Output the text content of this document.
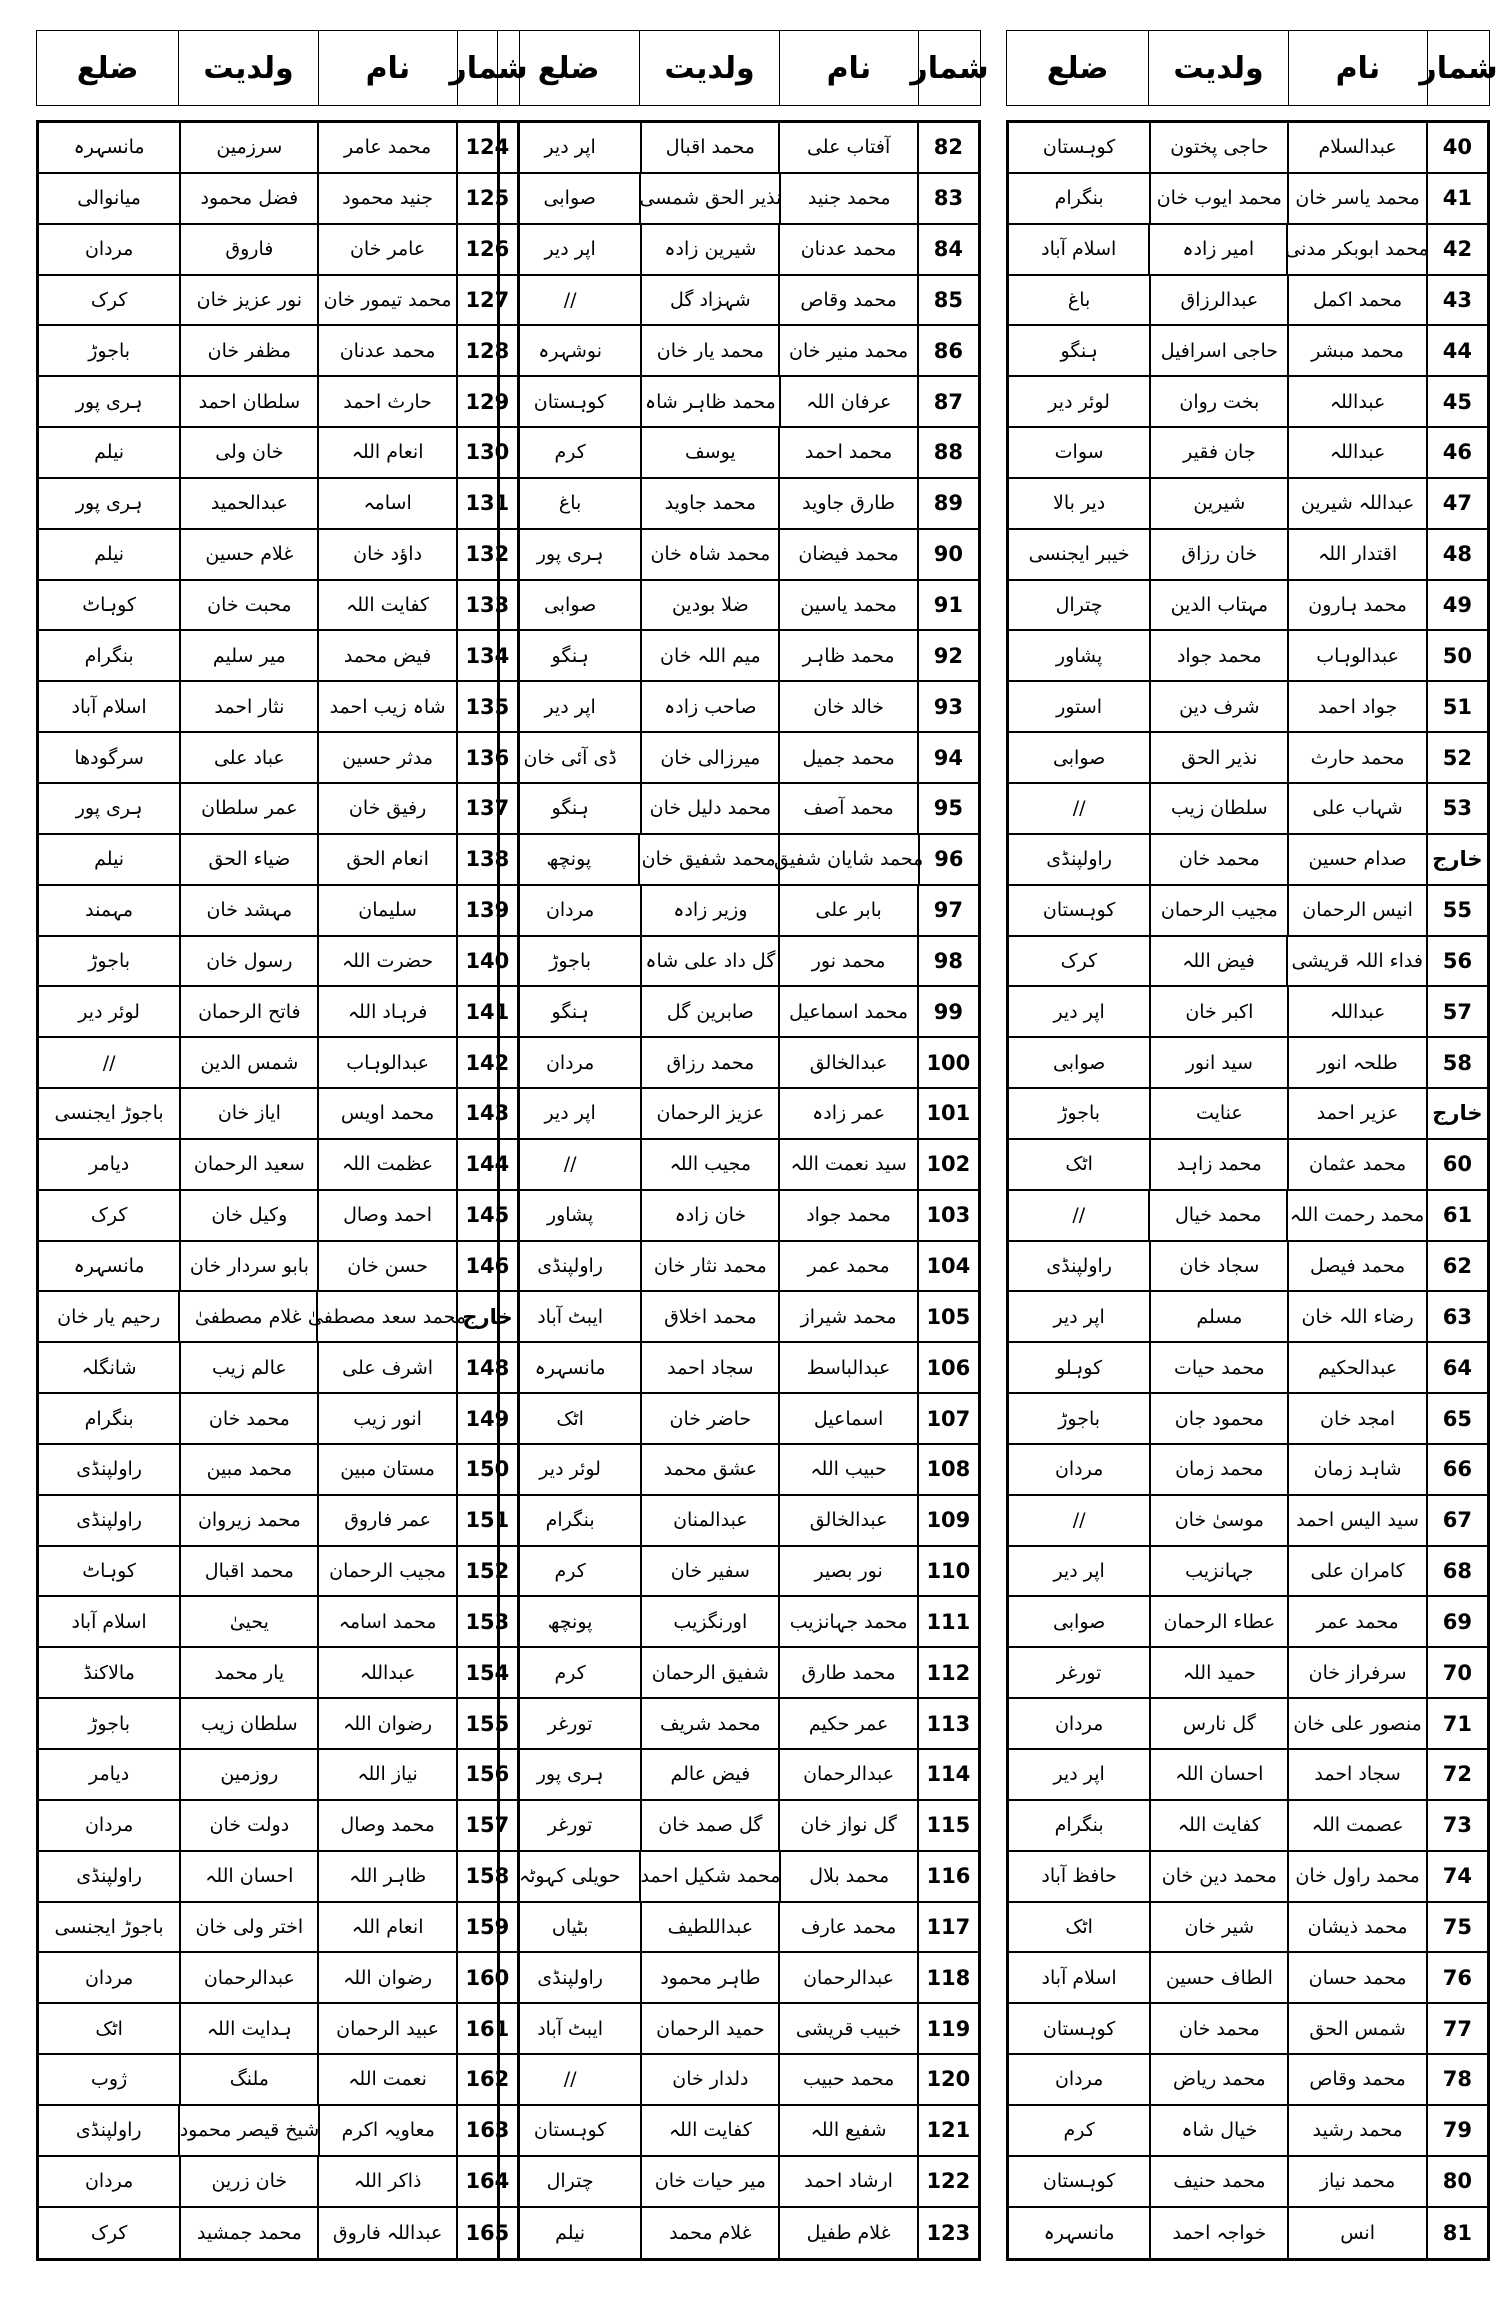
شمار
نام
ولدیت
ضلع
40
عبدالسلام
حاجی پختون
کوہستان
41
محمد یاسر خان
محمد ایوب خان
بنگرام
42
محمد ابوبکر مدنی
امیر زادہ
اسلام آباد
43
محمد اکمل
عبدالرزاق
باغ
44
محمد مبشر
حاجی اسرافیل
ہنگو
45
عبداللہ
بخت روان
لوئر دیر
46
عبداللہ
جان فقیر
سوات
47
عبداللہ شیرین
شیرین
دیر بالا
48
اقتدار اللہ
خان رزاق
خیبر ایجنسی
49
محمد ہارون
مہتاب الدین
چترال
50
عبدالوہاب
محمد جواد
پشاور
51
جواد احمد
شرف دین
استور
52
محمد حارث
نذیر الحق
صوابی
53
شہاب علی
سلطان زیب
//
خارج
صدام حسین
محمد خان
راولپنڈی
55
انیس الرحمان
مجیب الرحمان
کوہستان
56
فداء اللہ قریشی
فیض اللہ
کرک
57
عبداللہ
اکبر خان
اپر دیر
58
طلحہ انور
سید انور
صوابی
خارج
عزیر احمد
عنایت
باجوڑ
60
محمد عثمان
محمد زاہد
اٹک
61
محمد رحمت اللہ
محمد خیال
//
62
محمد فیصل
سجاد خان
راولپنڈی
63
رضاء اللہ خان
مسلم
اپر دیر
64
عبدالحکیم
محمد حیات
کوہلو
65
امجد خان
محمود جان
باجوڑ
66
شاہد زمان
محمد زمان
مردان
67
سید الیس احمد
موسیٰ خان
//
68
کامران علی
جہانزیب
اپر دیر
69
محمد عمر
عطاء الرحمان
صوابی
70
سرفراز خان
حمید اللہ
تورغر
71
منصور علی خان
گل نارس
مردان
72
سجاد احمد
احسان اللہ
اپر دیر
73
عصمت اللہ
کفایت اللہ
بنگرام
74
محمد راول خان
محمد دین خان
حافظ آباد
75
محمد ذیشان
شیر خان
اٹک
76
محمد حسان
الطاف حسین
اسلام آباد
77
شمس الحق
محمد خان
کوہستان
78
محمد وقاص
محمد ریاض
مردان
79
محمد رشید
خیال شاہ
کرم
80
محمد نیاز
محمد حنیف
کوہستان
81
انس
خواجہ احمد
مانسہرہ
شمار
نام
ولدیت
ضلع
82
آفتاب علی
محمد اقبال
اپر دیر
83
محمد جنید
نذیر الحق شمسی
صوابی
84
محمد عدنان
شیرین زادہ
اپر دیر
85
محمد وقاص
شہزاد گل
//
86
محمد منیر خان
محمد یار خان
نوشہرہ
87
عرفان اللہ
محمد ظاہر شاہ
کوہستان
88
محمد احمد
یوسف
کرم
89
طارق جاوید
محمد جاوید
باغ
90
محمد فیضان
محمد شاہ خان
ہری پور
91
محمد یاسین
ضلا بودین
صوابی
92
محمد ظاہر
میم اللہ خان
ہنگو
93
خالد خان
صاحب زادہ
اپر دیر
94
محمد جمیل
میرزالی خان
ڈی آئی خان
95
محمد آصف
محمد دلیل خان
ہنگو
96
محمد شایان شفیق
محمد شفیق خان
پونچھ
97
بابر علی
وزیر زادہ
مردان
98
محمد نور
گل داد علی شاہ
باجوڑ
99
محمد اسماعیل
صابرین گل
ہنگو
100
عبدالخالق
محمد رزاق
مردان
101
عمر زادہ
عزیز الرحمان
اپر دیر
102
سید نعمت اللہ
مجیب اللہ
//
103
محمد جواد
خان زادہ
پشاور
104
محمد عمر
محمد نثار خان
راولپنڈی
105
محمد شیراز
محمد اخلاق
ایبٹ آباد
106
عبدالباسط
سجاد احمد
مانسہرہ
107
اسماعیل
حاضر خان
اٹک
108
حبیب اللہ
عشق محمد
لوئر دیر
109
عبدالخالق
عبدالمنان
بنگرام
110
نور بصیر
سفیر خان
کرم
111
محمد جہانزیب
اورنگزیب
پونچھ
112
محمد طارق
شفیق الرحمان
کرم
113
عمر حکیم
محمد شریف
تورغر
114
عبدالرحمان
فیض عالم
ہری پور
115
گل نواز خان
گل صمد خان
تورغر
116
محمد بلال
محمد شکیل احمد
حویلی کہوٹہ
117
محمد عارف
عبداللطیف
بٹیاں
118
عبدالرحمان
طاہر محمود
راولپنڈی
119
خبیب قریشی
حمید الرحمان
ایبٹ آباد
120
محمد حبیب
دلدار خان
//
121
شفیع اللہ
کفایت اللہ
کوہستان
122
ارشاد احمد
میر حیات خان
چترال
123
غلام طفیل
غلام محمد
نیلم
شمار
نام
ولدیت
ضلع
124
محمد عامر
سرزمین
مانسہرہ
125
جنید محمود
فضل محمود
میانوالی
126
عامر خان
فاروق
مردان
127
محمد تیمور خان
نور عزیز خان
کرک
128
محمد عدنان
مظفر خان
باجوڑ
129
حارث احمد
سلطان احمد
ہری پور
130
انعام اللہ
خان ولی
نیلم
131
اسامہ
عبدالحمید
ہری پور
132
داؤد خان
غلام حسین
نیلم
133
کفایت اللہ
محبت خان
کوہاٹ
134
فیض محمد
میر سلیم
بنگرام
135
شاہ زیب احمد
نثار احمد
اسلام آباد
136
مدثر حسین
عباد علی
سرگودھا
137
رفیق خان
عمر سلطان
ہری پور
138
انعام الحق
ضیاء الحق
نیلم
139
سلیمان
مہشد خان
مہمند
140
حضرت اللہ
رسول خان
باجوڑ
141
فرہاد اللہ
فاتح الرحمان
لوئر دیر
142
عبدالوہاب
شمس الدین
//
143
محمد اویس
ایاز خان
باجوڑ ایجنسی
144
عظمت اللہ
سعید الرحمان
دیامر
145
احمد وصال
وکیل خان
کرک
146
حسن خان
بابو سردار خان
مانسہرہ
خارج
محمد سعد مصطفیٰ
غلام مصطفیٰ
رحیم یار خان
148
اشرف علی
عالم زیب
شانگلہ
149
انور زیب
محمد خان
بنگرام
150
مستان مبین
محمد مبین
راولپنڈی
151
عمر فاروق
محمد زیروان
راولپنڈی
152
مجیب الرحمان
محمد اقبال
کوہاٹ
153
محمد اسامہ
یحییٰ
اسلام آباد
154
عبداللہ
یار محمد
مالاکنڈ
155
رضوان اللہ
سلطان زیب
باجوڑ
156
نیاز اللہ
روزمین
دیامر
157
محمد وصال
دولت خان
مردان
158
ظاہر اللہ
احسان اللہ
راولپنڈی
159
انعام اللہ
اختر ولی خان
باجوڑ ایجنسی
160
رضوان اللہ
عبدالرحمان
مردان
161
عبید الرحمان
ہدایت اللہ
اٹک
162
نعمت اللہ
ملنگ
ژوب
163
معاویہ اکرم
شیخ قیصر محمود
راولپنڈی
164
ذاکر اللہ
خان زرین
مردان
165
عبداللہ فاروق
محمد جمشید
کرک
